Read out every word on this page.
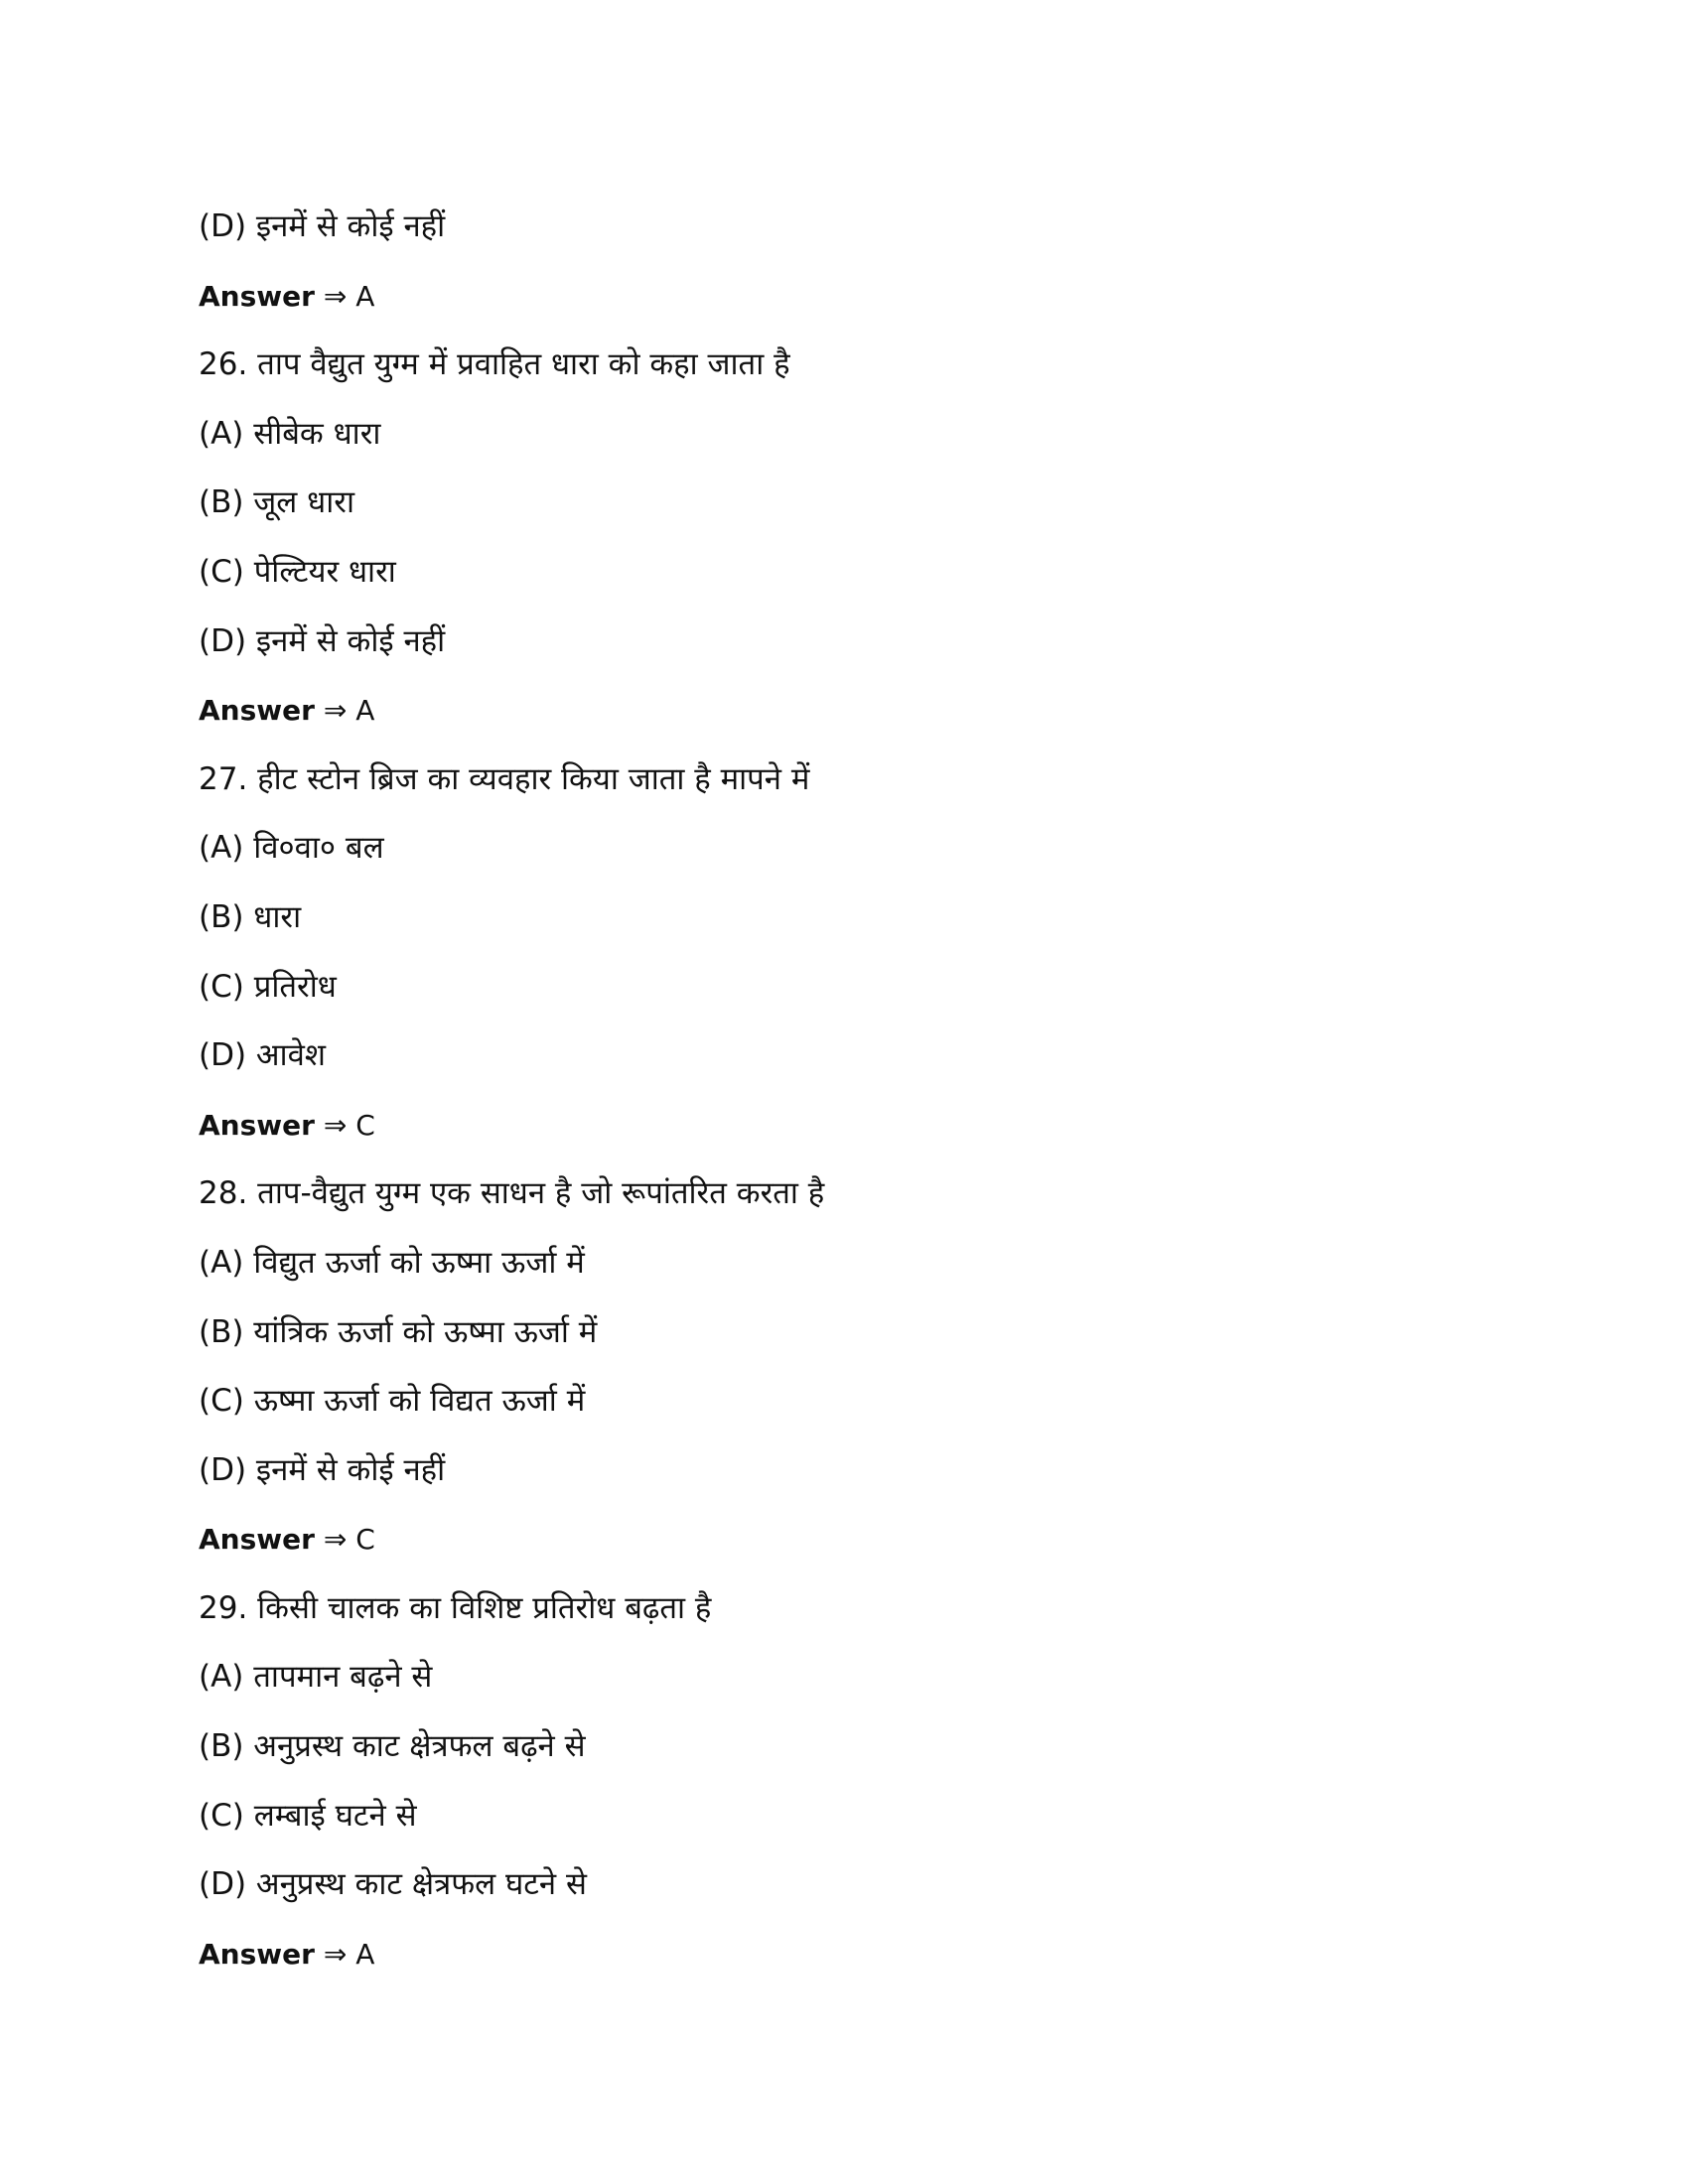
(D) इनमें से कोई नहीं
Answer ⇒ A
26. ताप वैद्युत युग्म में प्रवाहित धारा को कहा जाता है
(A) सीबेक धारा
(B) जूल धारा
(C) पेल्टियर धारा
(D) इनमें से कोई नहीं
Answer ⇒ A
27. हीट स्टोन ब्रिज का व्यवहार किया जाता है मापने में
(A) वि०वा० बल
(B) धारा
(C) प्रतिरोध
(D) आवेश
Answer ⇒ C
28. ताप-वैद्युत युग्म एक साधन है जो रूपांतरित करता है
(A) विद्युत ऊर्जा को ऊष्मा ऊर्जा में
(B) यांत्रिक ऊर्जा को ऊष्मा ऊर्जा में
(C) ऊष्मा ऊर्जा को विद्यत ऊर्जा में
(D) इनमें से कोई नहीं
Answer ⇒ C
29. किसी चालक का विशिष्ट प्रतिरोध बढ़ता है
(A) तापमान बढ़ने से
(B) अनुप्रस्थ काट क्षेत्रफल बढ़ने से
(C) लम्बाई घटने से
(D) अनुप्रस्थ काट क्षेत्रफल घटने से
Answer ⇒ A
